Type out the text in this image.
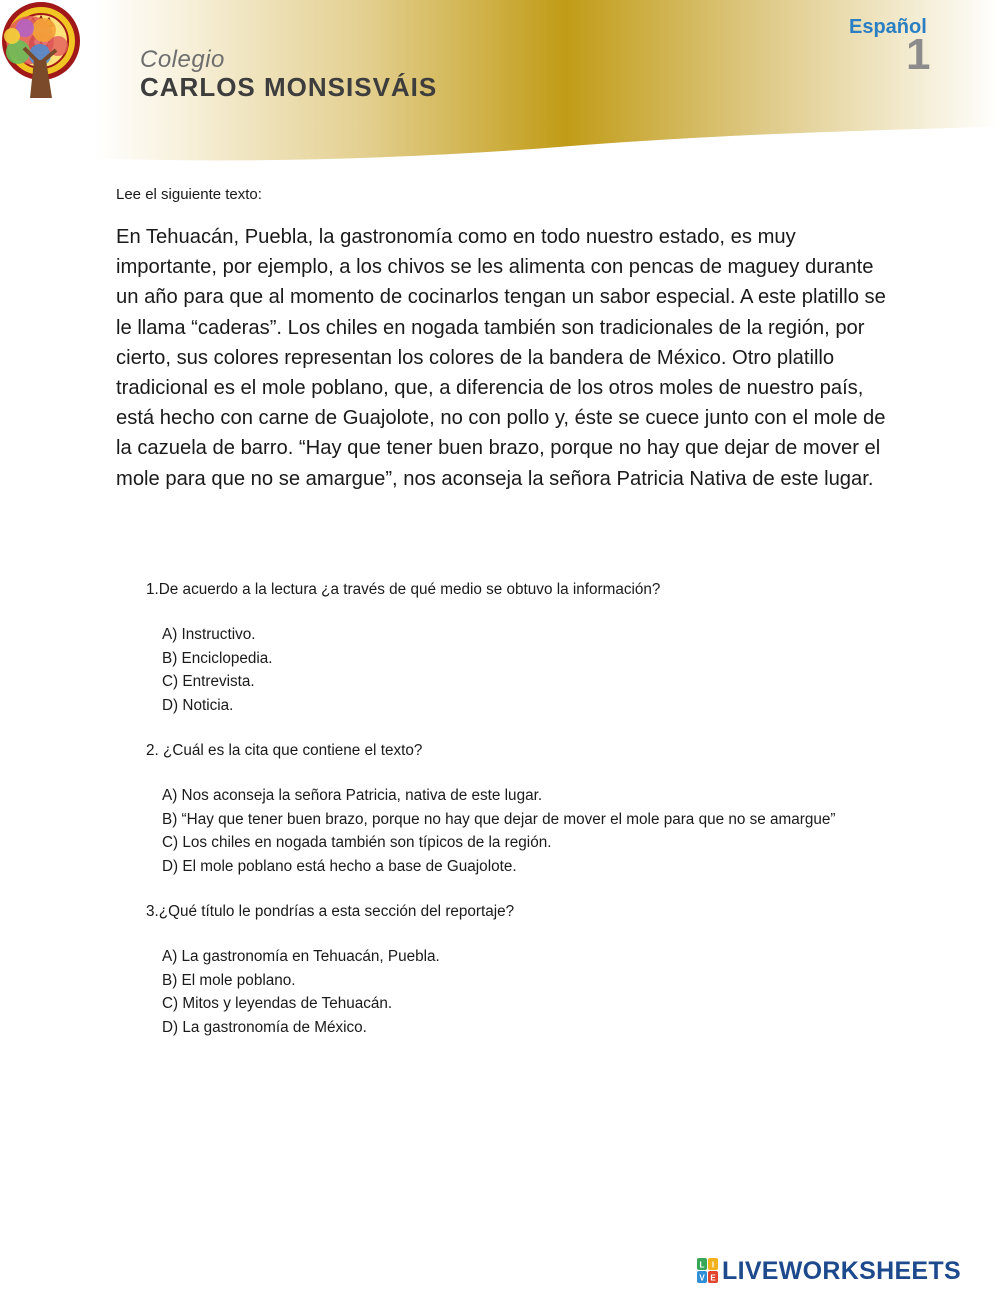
Colegio
CARLOS MONSISVÁIS
Español
1
Lee el siguiente texto:
En Tehuacán, Puebla, la gastronomía como en todo nuestro estado, es muy importante, por ejemplo, a los chivos se les alimenta con pencas de maguey durante un año para que al momento de cocinarlos tengan un sabor especial. A este platillo se le llama “caderas”. Los chiles en nogada también son tradicionales de la región, por cierto, sus colores representan los colores de la bandera de México. Otro platillo tradicional es el mole poblano, que, a diferencia de los otros moles de nuestro país, está hecho con carne de Guajolote, no con pollo y, éste se cuece junto con el mole de la cazuela de barro. “Hay que tener buen brazo, porque no hay que dejar de mover el mole para que no se amargue”, nos aconseja la señora Patricia Nativa de este lugar.

1.De acuerdo a la lectura ¿a través de qué medio se obtuvo la información?

A) Instructivo.
B) Enciclopedia.
C) Entrevista.
D) Noticia.

2. ¿Cuál es la cita que contiene el texto?

A) Nos aconseja la señora Patricia, nativa de este lugar.
B) “Hay que tener buen brazo, porque no hay que dejar de mover el mole para que no se amargue”
C) Los chiles en nogada también son típicos de la región.
D) El mole poblano está hecho a base de Guajolote.

3.¿Qué título le pondrías a esta sección del reportaje?

A) La gastronomía en Tehuacán, Puebla.
B) El mole poblano.
C) Mitos y leyendas de Tehuacán.
D) La gastronomía de México.
L I
V E LIVEWORKSHEETS
